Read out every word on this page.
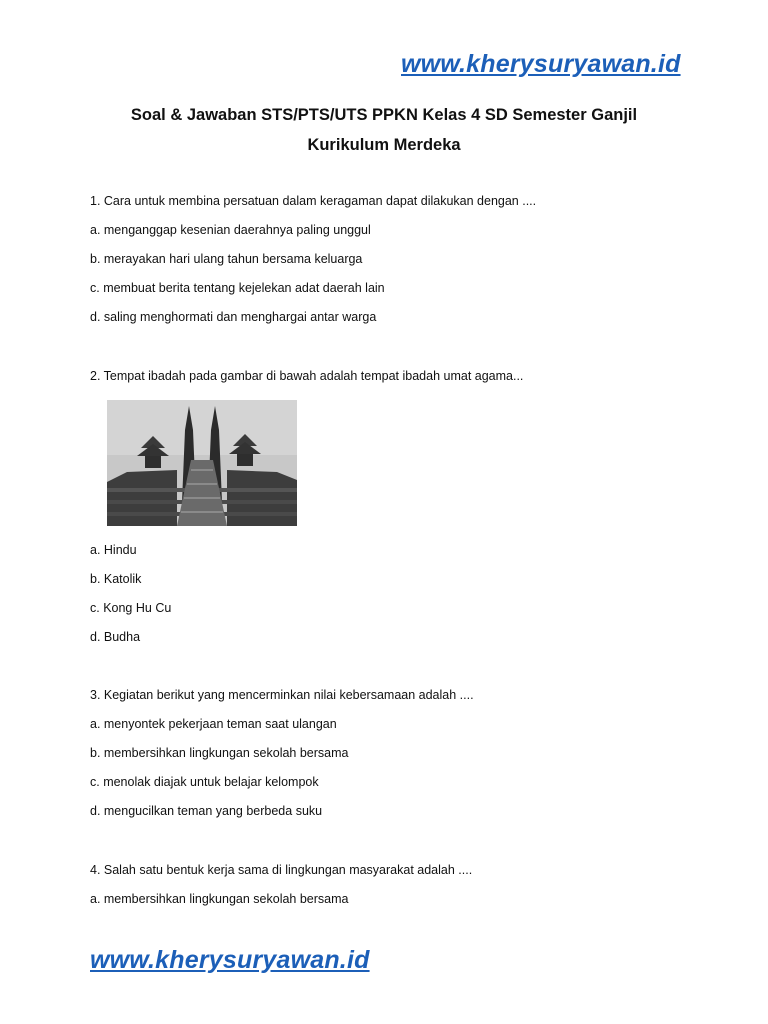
www.kherysuryawan.id
Soal & Jawaban STS/PTS/UTS PPKN Kelas 4 SD Semester Ganjil
Kurikulum Merdeka
1. Cara untuk membina persatuan dalam keragaman dapat dilakukan dengan ....
a. menganggap kesenian daerahnya paling unggul
b. merayakan hari ulang tahun bersama keluarga
c. membuat berita tentang kejelekan adat daerah lain
d. saling menghormati dan menghargai antar warga
2. Tempat ibadah pada gambar di bawah adalah tempat ibadah umat agama...
a. Hindu
b. Katolik
c. Kong Hu Cu
d. Budha
3. Kegiatan berikut yang mencerminkan nilai kebersamaan adalah ....
a. menyontek pekerjaan teman saat ulangan
b. membersihkan lingkungan sekolah bersama
c. menolak diajak untuk belajar kelompok
d. mengucilkan teman yang berbeda suku
4. Salah satu bentuk kerja sama di lingkungan masyarakat adalah ....
a. membersihkan lingkungan sekolah bersama
www.kherysuryawan.id
